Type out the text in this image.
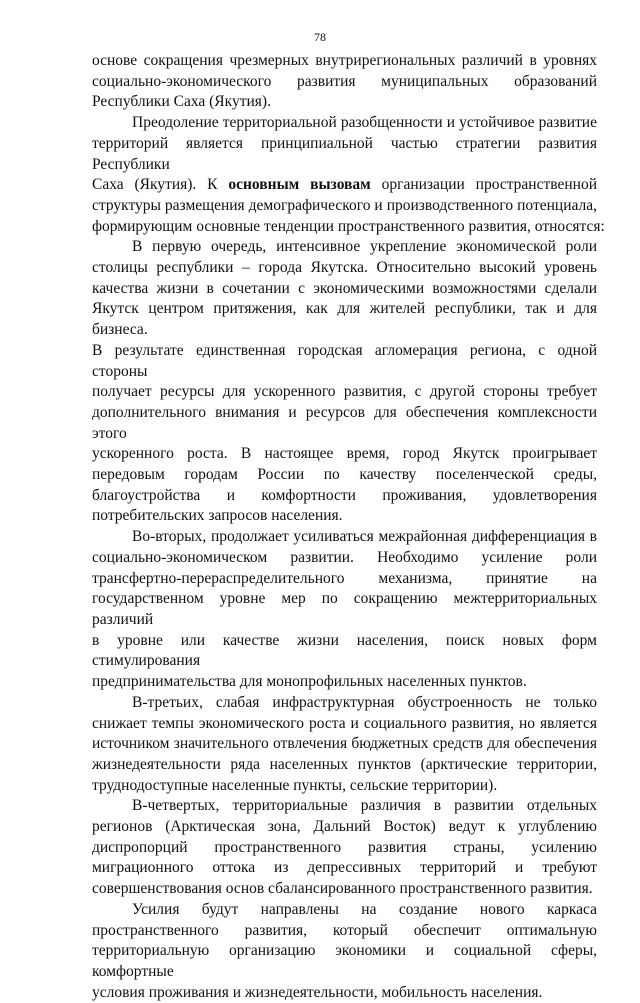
78
основе сокращения чрезмерных внутрирегиональных различий в уровнях
социально-экономического развития муниципальных образований
Республики Саха (Якутия).
Преодоление территориальной разобщенности и устойчивое развитие
территорий является принципиальной частью стратегии развития Республики
Саха (Якутия). К основным вызовам организации пространственной
структуры размещения демографического и производственного потенциала,
формирующим основные тенденции пространственного развития, относятся:
В первую очередь, интенсивное укрепление экономической роли
столицы республики – города Якутска. Относительно высокий уровень
качества жизни в сочетании с экономическими возможностями сделали
Якутск центром притяжения, как для жителей республики, так и для бизнеса.
В результате единственная городская агломерация региона, с одной стороны
получает ресурсы для ускоренного развития, с другой стороны требует
дополнительного внимания и ресурсов для обеспечения комплексности этого
ускоренного роста. В настоящее время, город Якутск проигрывает
передовым городам России по качеству поселенческой среды,
благоустройства и комфортности проживания, удовлетворения
потребительских запросов населения.
Во-вторых, продолжает усиливаться межрайонная дифференциация в
социально-экономическом развитии. Необходимо усиление роли
трансфертно-перераспределительного механизма, принятие на
государственном уровне мер по сокращению межтерриториальных различий
в уровне или качестве жизни населения, поиск новых форм стимулирования
предпринимательства для монопрофильных населенных пунктов.
В-третьих, слабая инфраструктурная обустроенность не только
снижает темпы экономического роста и социального развития, но является
источником значительного отвлечения бюджетных средств для обеспечения
жизнедеятельности ряда населенных пунктов (арктические территории,
труднодоступные населенные пункты, сельские территории).
В-четвертых, территориальные различия в развитии отдельных
регионов (Арктическая зона, Дальний Восток) ведут к углублению
диспропорций пространственного развития страны, усилению
миграционного оттока из депрессивных территорий и требуют
совершенствования основ сбалансированного пространственного развития.
Усилия будут направлены на создание нового каркаса
пространственного развития, который обеспечит оптимальную
территориальную организацию экономики и социальной сферы, комфортные
условия проживания и жизнедеятельности, мобильность населения.
